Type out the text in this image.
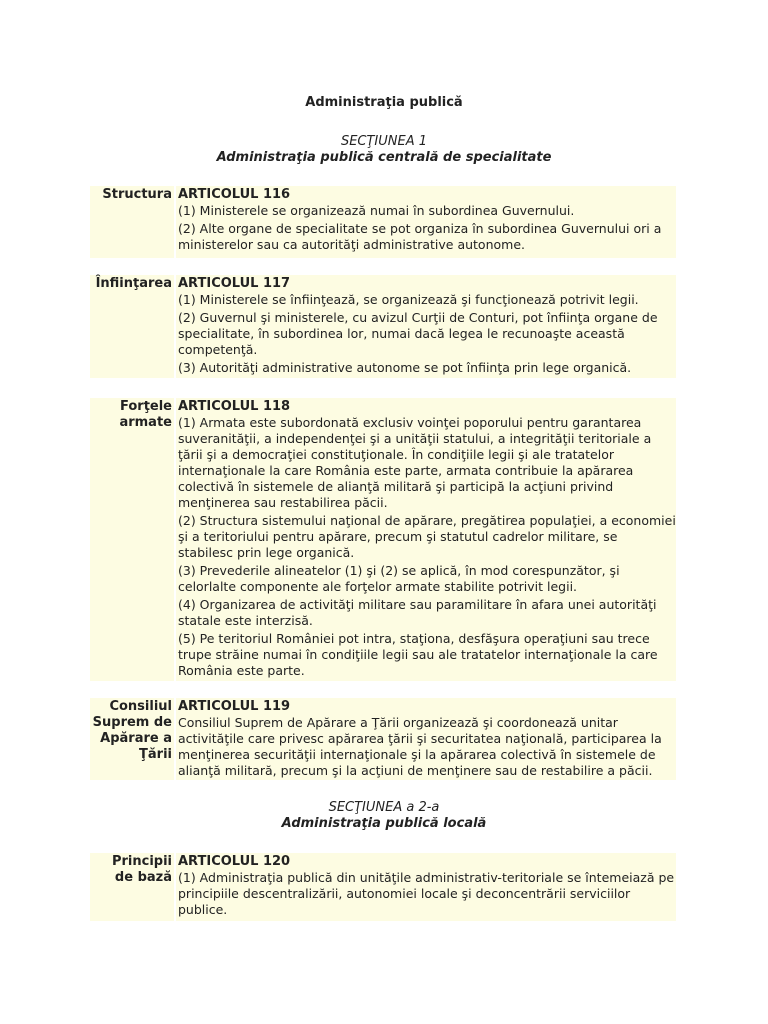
Administraţia publică
SECŢIUNEA 1
Administraţia publică centrală de specialitate
Structura ARTICOLUL 116
(1) Ministerele se organizează numai în subordinea Guvernului.
(2) Alte organe de specialitate se pot organiza în subordinea Guvernului ori a ministerelor sau ca autorităţi administrative autonome.
Înfiinţarea ARTICOLUL 117
(1) Ministerele se înfiinţează, se organizează şi funcţionează potrivit legii.
(2) Guvernul şi ministerele, cu avizul Curţii de Conturi, pot înfiinţa organe de specialitate, în subordinea lor, numai dacă legea le recunoaşte această competenţă.
(3) Autorităţi administrative autonome se pot înfiinţa prin lege organică.
Forţele armate
ARTICOLUL 118
(1) Armata este subordonată exclusiv voinţei poporului pentru garantarea suveranităţii, a independenţei şi a unităţii statului, a integrităţii teritoriale a ţării şi a democraţiei constituţionale. În condiţiile legii şi ale tratatelor internaţionale la care România este parte, armata contribuie la apărarea colectivă în sistemele de alianţă militară şi participă la acţiuni privind menţinerea sau restabilirea păcii.
(2) Structura sistemului naţional de apărare, pregătirea populaţiei, a economiei şi a teritoriului pentru apărare, precum şi statutul cadrelor militare, se stabilesc prin lege organică.
(3) Prevederile alineatelor (1) şi (2) se aplică, în mod corespunzător, şi celorlalte componente ale forţelor armate stabilite potrivit legii.
(4) Organizarea de activităţi militare sau paramilitare în afara unei autorităţi statale este interzisă.
(5) Pe teritoriul României pot intra, staţiona, desfăşura operaţiuni sau trece trupe străine numai în condiţiile legii sau ale tratatelor internaţionale la care România este parte.
Consiliul Suprem de Apărare a Ţării
ARTICOLUL 119
Consiliul Suprem de Apărare a Ţării organizează şi coordonează unitar activităţile care privesc apărarea ţării şi securitatea naţională, participarea la menţinerea securităţii internaţionale şi la apărarea colectivă în sistemele de alianţă militară, precum şi la acţiuni de menţinere sau de restabilire a păcii.
SECŢIUNEA a 2-a
Administraţia publică locală
Principii de bază
ARTICOLUL 120
(1) Administraţia publică din unităţile administrativ-teritoriale se întemeiază pe principiile descentralizării, autonomiei locale şi deconcentrării serviciilor publice.
